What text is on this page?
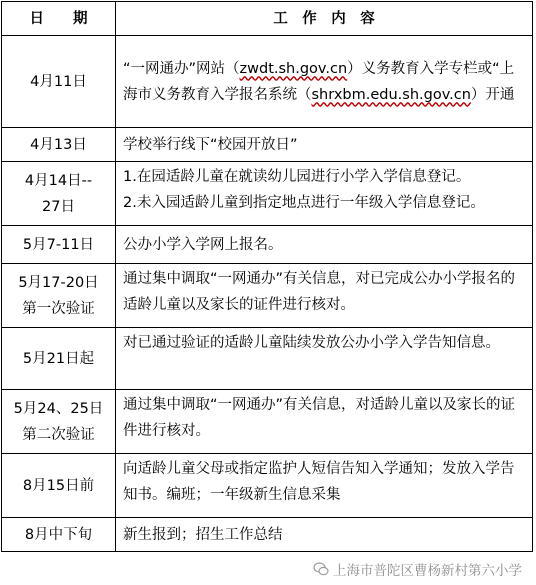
日　　期	工　作　内　容

4月11日	“一网通办”网站（zwdt.sh.gov.cn）义务教育入学专栏或“上海市义务教育入学报名系统（shrxbm.edu.sh.gov.cn）开通

4月13日	学校举行线下“校园开放日”

4月14日--
27日	1.在园适龄儿童在就读幼儿园进行小学入学信息登记。
2.未入园适龄儿童到指定地点进行一年级入学信息登记。

5月7-11日	公办小学入学网上报名。

5月17-20日
第一次验证	通过集中调取“一网通办”有关信息，对已完成公办小学报名的适龄儿童以及家长的证件进行核对。

5月21日起	对已通过验证的适龄儿童陆续发放公办小学入学告知信息。

5月24、25日
第二次验证	通过集中调取“一网通办”有关信息，对适龄儿童以及家长的证件进行核对。

8月15日前	向适龄儿童父母或指定监护人短信告知入学通知；发放入学告知书。编班；一年级新生信息采集

8月中下旬	新生报到；招生工作总结
上海市普陀区曹杨新村第六小学
